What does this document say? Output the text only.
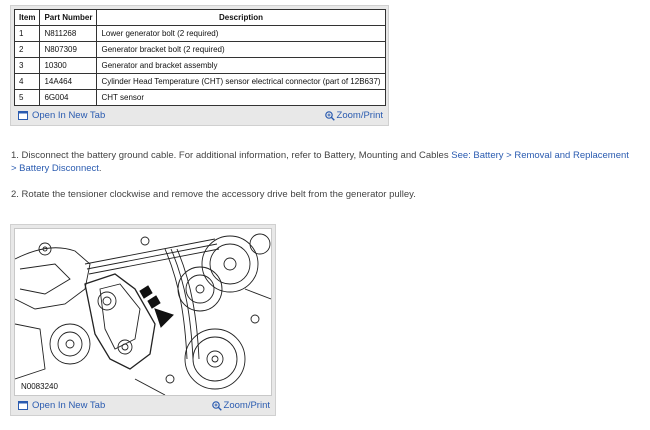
Item	Part Number	Description
1	N811268	Lower generator bolt (2 required)
2	N807309	Generator bracket bolt (2 required)
3	10300	Generator and bracket assembly
4	14A464	Cylinder Head Temperature (CHT) sensor electrical connector (part of 12B637)
5	6G004	CHT sensor
Open In New Tab	Zoom/Print
1. Disconnect the battery ground cable. For additional information, refer to Battery, Mounting and Cables See: Battery > Removal and Replacement > Battery Disconnect.
2. Rotate the tensioner clockwise and remove the accessory drive belt from the generator pulley.
N0083240
Open In New Tab	Zoom/Print
